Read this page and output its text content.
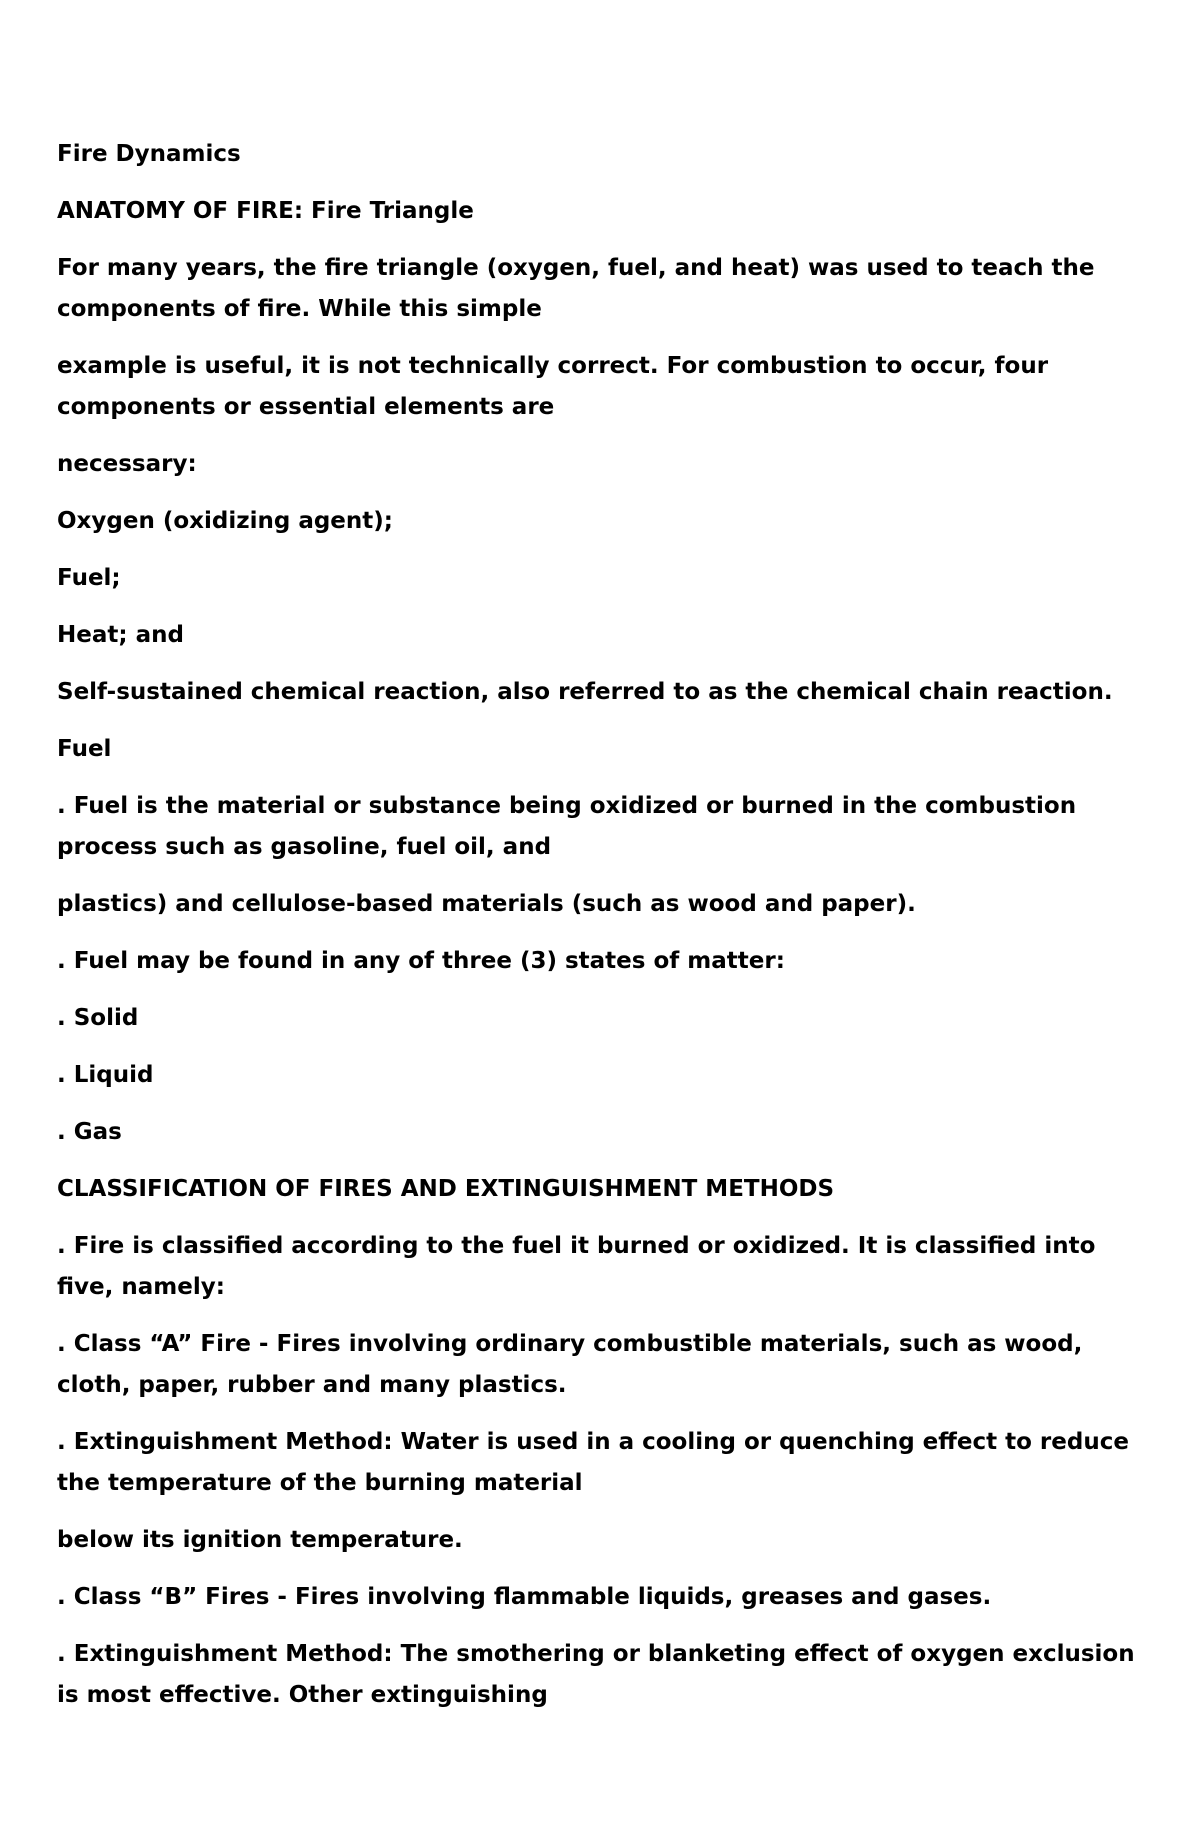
Fire Dynamics

ANATOMY OF FIRE: Fire Triangle

For many years, the fire triangle (oxygen, fuel, and heat) was used to teach the components of fire. While this simple

example is useful, it is not technically correct. For combustion to occur, four components or essential elements are

necessary:

Oxygen (oxidizing agent);

Fuel;

Heat; and

Self-sustained chemical reaction, also referred to as the chemical chain reaction.

Fuel

. Fuel is the material or substance being oxidized or burned in the combustion process such as gasoline, fuel oil, and

plastics) and cellulose-based materials (such as wood and paper).

. Fuel may be found in any of three (3) states of matter:

. Solid

. Liquid

. Gas

CLASSIFICATION OF FIRES AND EXTINGUISHMENT METHODS

. Fire is classified according to the fuel it burned or oxidized. It is classified into five, namely:

. Class “A” Fire - Fires involving ordinary combustible materials, such as wood, cloth, paper, rubber and many plastics.

. Extinguishment Method: Water is used in a cooling or quenching effect to reduce the temperature of the burning material

below its ignition temperature.

. Class “B” Fires - Fires involving flammable liquids, greases and gases.

. Extinguishment Method: The smothering or blanketing effect of oxygen exclusion is most effective. Other extinguishing
